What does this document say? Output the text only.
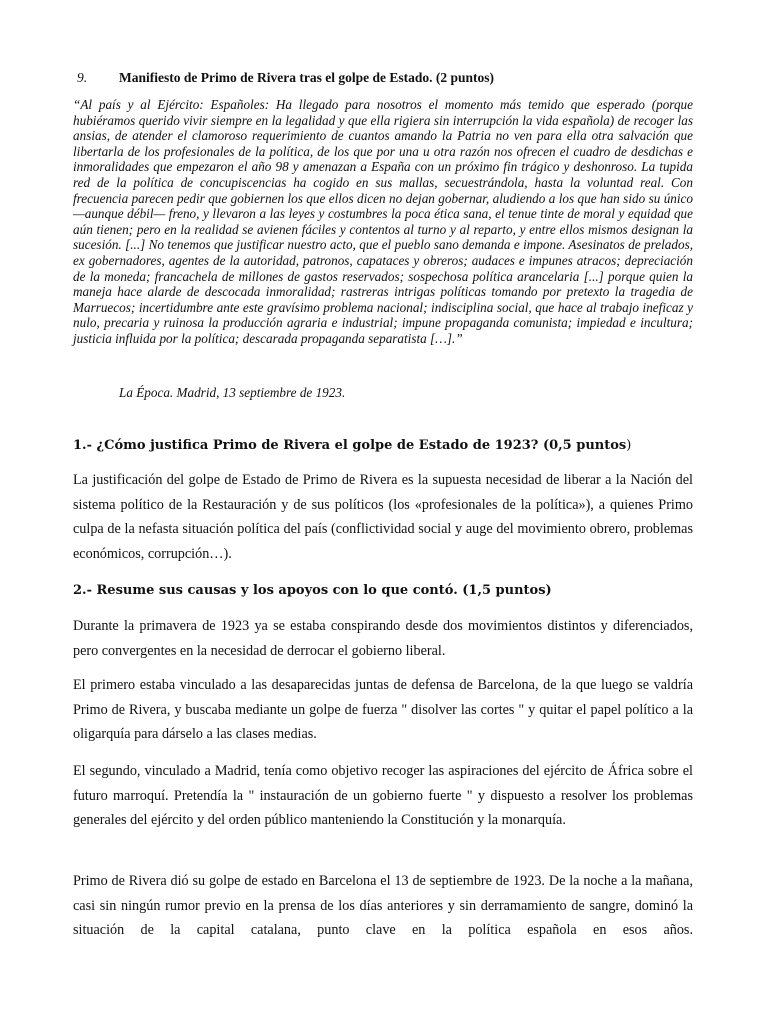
9. Manifiesto de Primo de Rivera tras el golpe de Estado. (2 puntos)

“Al país y al Ejército: Españoles: Ha llegado para nosotros el momento más temido que esperado (porque hubiéramos querido vivir siempre en la legalidad y que ella rigiera sin interrupción la vida española) de recoger las ansias, de atender el clamoroso requerimiento de cuantos amando la Patria no ven para ella otra salvación que libertarla de los profesionales de la política, de los que por una u otra razón nos ofrecen el cuadro de desdichas e inmoralidades que empezaron el año 98 y amenazan a España con un próximo fin trágico y deshonroso. La tupida red de la política de concupiscencias ha cogido en sus mallas, secuestrándola, hasta la voluntad real. Con frecuencia parecen pedir que gobiernen los que ellos dicen no dejan gobernar, aludiendo a los que han sido su único —aunque débil— freno, y llevaron a las leyes y costumbres la poca ética sana, el tenue tinte de moral y equidad que aún tienen; pero en la realidad se avienen fáciles y contentos al turno y al reparto, y entre ellos mismos designan la sucesión. [...] No tenemos que justificar nuestro acto, que el pueblo sano demanda e impone. Asesinatos de prelados, ex gobernadores, agentes de la autoridad, patronos, capataces y obreros; audaces e impunes atracos; depreciación de la moneda; francachela de millones de gastos reservados; sospechosa política arancelaria [...] porque quien la maneja hace alarde de descocada inmoralidad; rastreras intrigas políticas tomando por pretexto la tragedia de Marruecos; incertidumbre ante este gravísimo problema nacional; indisciplina social, que hace al trabajo ineficaz y nulo, precaria y ruinosa la producción agraria e industrial; impune propaganda comunista; impiedad e incultura; justicia influida por la política; descarada propaganda separatista […].”

La Época. Madrid, 13 septiembre de 1923.

1.- ¿Cómo justifica Primo de Rivera el golpe de Estado de 1923? (0,5 puntos)

La justificación del golpe de Estado de Primo de Rivera es la supuesta necesidad de liberar a la Nación del sistema político de la Restauración y de sus políticos (los «profesionales de la política»), a quienes Primo culpa de la nefasta situación política del país (conflictividad social y auge del movimiento obrero, problemas económicos, corrupción…).

2.- Resume sus causas y los apoyos con lo que contó. (1,5 puntos)

Durante la primavera de 1923 ya se estaba conspirando desde dos movimientos distintos y diferenciados, pero convergentes en la necesidad de derrocar el gobierno liberal.

El primero estaba vinculado a las desaparecidas juntas de defensa de Barcelona, de la que luego se valdría Primo de Rivera, y buscaba mediante un golpe de fuerza " disolver las cortes " y quitar el papel político a la oligarquía para dárselo a las clases medias.

El segundo, vinculado a Madrid, tenía como objetivo recoger las aspiraciones del ejército de África sobre el futuro marroquí. Pretendía la " instauración de un gobierno fuerte " y dispuesto a resolver los problemas generales del ejército y del orden público manteniendo la Constitución y la monarquía.

Primo de Rivera dió su golpe de estado en Barcelona el 13 de septiembre de 1923. De la noche a la mañana, casi sin ningún rumor previo en la prensa de los días anteriores y sin derramamiento de sangre, dominó la situación de la capital catalana, punto clave en la política española en esos años.
